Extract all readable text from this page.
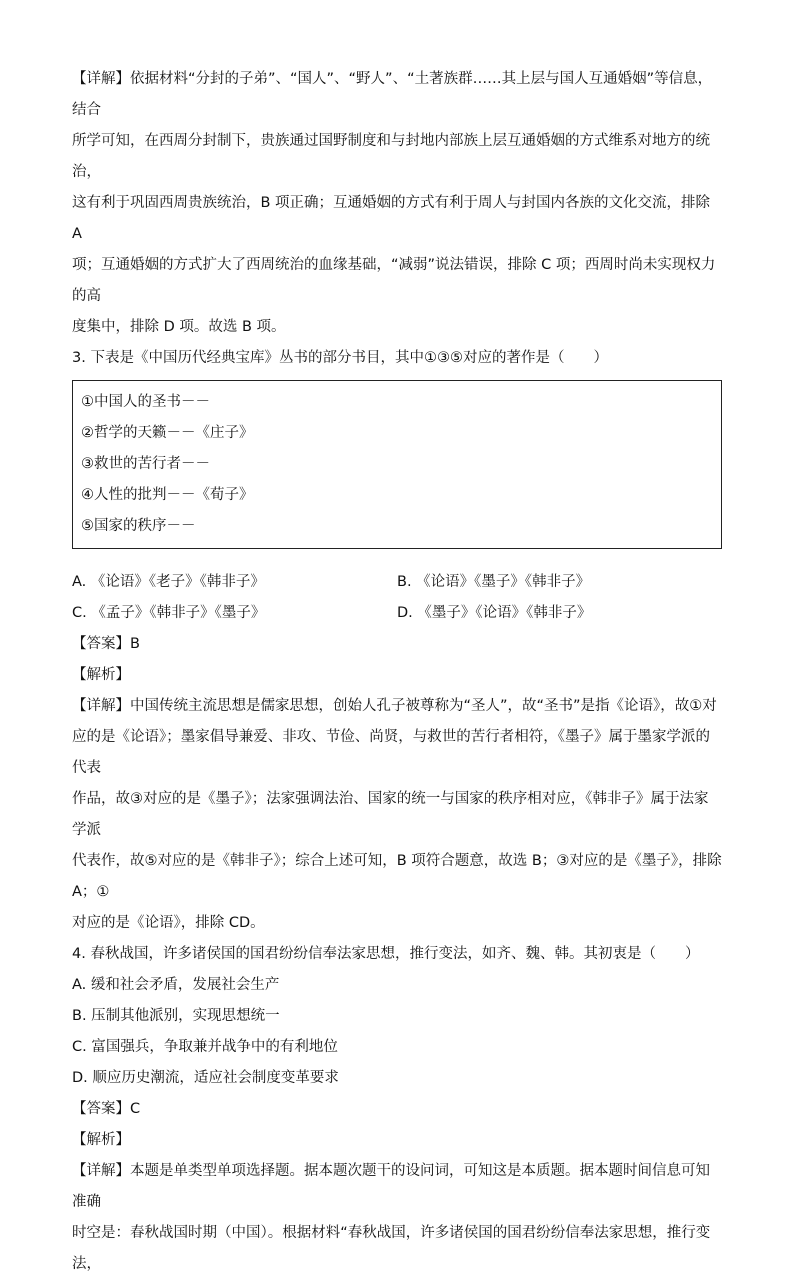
【详解】依据材料“分封的子弟”、“国人”、“野人”、“土著族群……其上层与国人互通婚姻”等信息，结合

所学可知，在西周分封制下，贵族通过国野制度和与封地内部族上层互通婚姻的方式维系对地方的统治，

这有利于巩固西周贵族统治，B 项正确；互通婚姻的方式有利于周人与封国内各族的文化交流，排除 A

项；互通婚姻的方式扩大了西周统治的血缘基础，“减弱”说法错误，排除 C 项；西周时尚未实现权力的高

度集中，排除 D 项。故选 B 项。

3. 下表是《中国历代经典宝库》丛书的部分书目，其中①③⑤对应的著作是（　　）

①中国人的圣书－－

②哲学的天籁－－《庄子》

③救世的苦行者－－

④人性的批判－－《荀子》

⑤国家的秩序－－

A. 《论语》《老子》《韩非子》	B. 《论语》《墨子》《韩非子》
C. 《孟子》《韩非子》《墨子》	D. 《墨子》《论语》《韩非子》

【答案】B

【解析】

【详解】中国传统主流思想是儒家思想，创始人孔子被尊称为“圣人”，故“圣书”是指《论语》，故①对

应的是《论语》；墨家倡导兼爱、非攻、节俭、尚贤，与救世的苦行者相符，《墨子》属于墨家学派的代表

作品，故③对应的是《墨子》；法家强调法治、国家的统一与国家的秩序相对应，《韩非子》属于法家学派

代表作，故⑤对应的是《韩非子》；综合上述可知，B 项符合题意，故选 B；③对应的是《墨子》，排除 A；①

对应的是《论语》，排除 CD。

4. 春秋战国，许多诸侯国的国君纷纷信奉法家思想，推行变法，如齐、魏、韩。其初衷是（　　）

A. 缓和社会矛盾，发展社会生产

B. 压制其他派别，实现思想统一

C. 富国强兵，争取兼并战争中的有利地位

D. 顺应历史潮流，适应社会制度变革要求

【答案】C

【解析】

【详解】本题是单类型单项选择题。据本题次题干的设问词，可知这是本质题。据本题时间信息可知准确

时空是：春秋战国时期（中国）。根据材料“春秋战国，许多诸侯国的国君纷纷信奉法家思想，推行变法，
